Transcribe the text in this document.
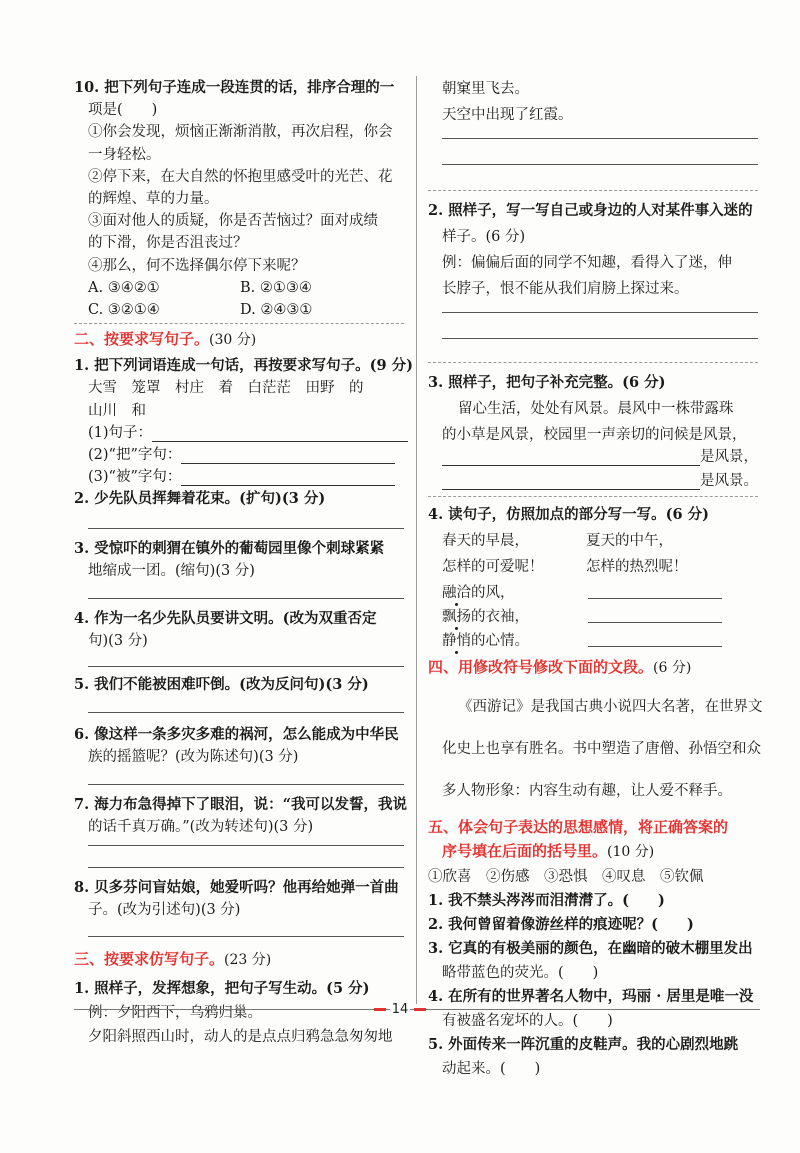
10. 把下列句子连成一段连贯的话，排序合理的一
项是(　　)
①你会发现，烦恼正渐渐消散，再次启程，你会
一身轻松。
②停下来，在大自然的怀抱里感受叶的光芒、花
的辉煌、草的力量。
③面对他人的质疑，你是否苦恼过？面对成绩
的下滑，你是否沮丧过？
④那么，何不选择偶尔停下来呢？
A. ③④②①	B. ②①③④
C. ③②①④	D. ②④③①
二、按要求写句子。(30 分)
1. 把下列词语连成一句话，再按要求写句子。(9 分)
大雪　笼罩　村庄　着　白茫茫　田野　的
山川　和
(1)句子：
(2)“把”字句：
(3)“被”字句：
2. 少先队员挥舞着花束。(扩句)(3 分)
3. 受惊吓的刺猬在镇外的葡萄园里像个刺球紧紧
地缩成一团。(缩句)(3 分)
4. 作为一名少先队员要讲文明。(改为双重否定
句)(3 分)
5. 我们不能被困难吓倒。(改为反问句)(3 分)
6. 像这样一条多灾多难的祸河，怎么能成为中华民
族的摇篮呢？(改为陈述句)(3 分)
7. 海力布急得掉下了眼泪，说：“我可以发誓，我说
的话千真万确。”(改为转述句)(3 分)
8. 贝多芬问盲姑娘，她爱听吗？他再给她弹一首曲
子。(改为引述句)(3 分)
三、按要求仿写句子。(23 分)
1. 照样子，发挥想象，把句子写生动。(5 分)
例：夕阳西下，乌鸦归巢。
夕阳斜照西山时，动人的是点点归鸦急急匆匆地
朝窠里飞去。
天空中出现了红霞。
2. 照样子，写一写自己或身边的人对某件事入迷的
样子。(6 分)
例：偏偏后面的同学不知趣，看得入了迷，伸
长脖子，恨不能从我们肩膀上探过来。
3. 照样子，把句子补充完整。(6 分)
留心生活，处处有风景。晨风中一株带露珠
的小草是风景，校园里一声亲切的问候是风景，
是风景，
是风景。
4. 读句子，仿照加点的部分写一写。(6 分)
春天的早晨，	夏天的中午，
怎样的可爱呢！	怎样的热烈呢！
融洽的风，
飘扬的衣袖，
静悄的心情。
四、用修改符号修改下面的文段。(6 分)
《西游记》是我国古典小说四大名著，在世界文
化史上也享有胜名。书中塑造了唐僧、孙悟空和众
多人物形象：内容生动有趣，让人爱不释手。
五、体会句子表达的思想感情，将正确答案的
序号填在后面的括号里。(10 分)
①欣喜　②伤感　③恐惧　④叹息　⑤钦佩
1. 我不禁头涔涔而泪潸潸了。(　　)
2. 我何曾留着像游丝样的痕迹呢？(　　)
3. 它真的有极美丽的颜色，在幽暗的破木棚里发出
略带蓝色的荧光。(　　)
4. 在所有的世界著名人物中，玛丽 · 居里是唯一没
有被盛名宠坏的人。(　　)
5. 外面传来一阵沉重的皮鞋声。我的心剧烈地跳
动起来。(　　)
14
